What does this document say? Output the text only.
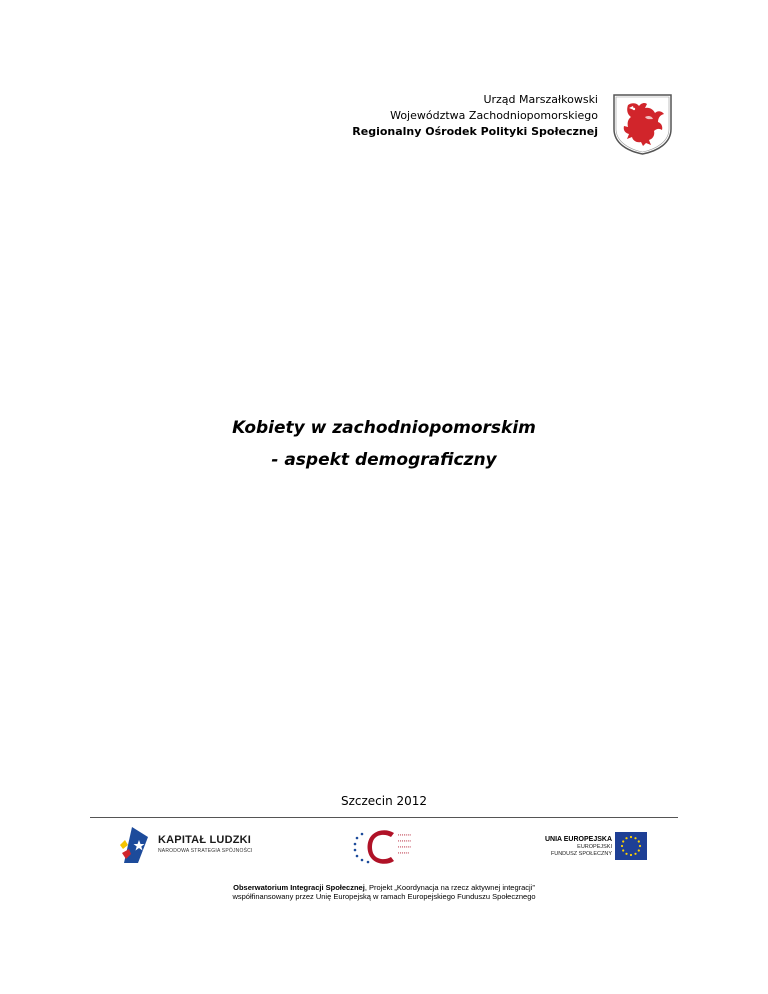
Urząd Marszałkowski
Województwa Zachodniopomorskiego
Regionalny Ośrodek Polityki Społecznej
Kobiety w zachodniopomorskim
- aspekt demograficzny
Szczecin 2012
KAPITAŁ LUDZKI
NARODOWA STRATEGIA SPÓJNOŚCI
▪▪▪▪▪▪▪
▪▪▪▪▪▪▪
▪▪▪▪▪▪▪
▪▪▪▪▪▪
UNIA EUROPEJSKA
EUROPEJSKI
FUNDUSZ SPOŁECZNY
Obserwatorium Integracji Społecznej, Projekt „Koordynacja na rzecz aktywnej integracji”
współfinansowany przez Unię Europejską w ramach Europejskiego Funduszu Społecznego
